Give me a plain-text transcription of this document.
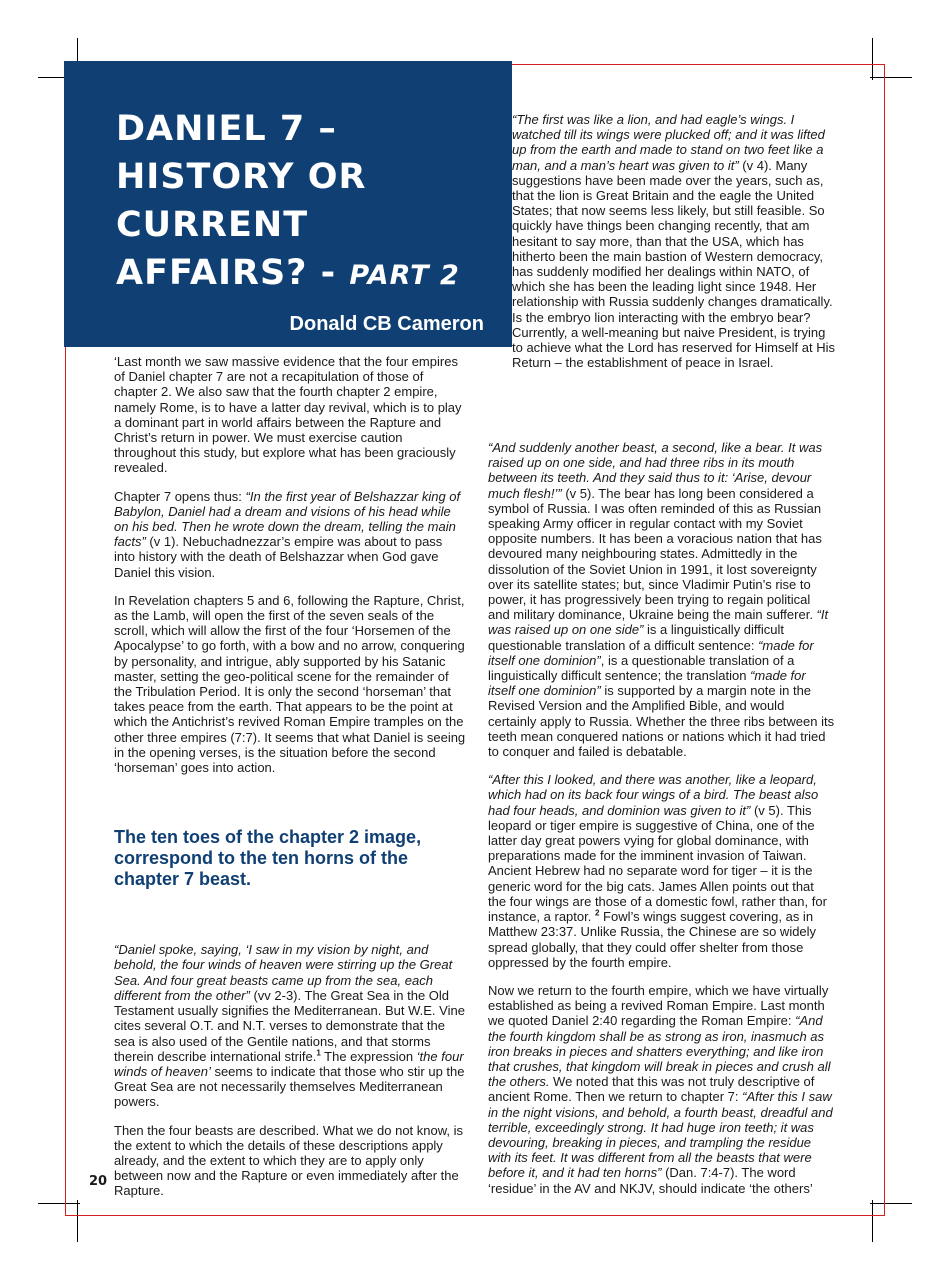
DANIEL 7 – HISTORY OR CURRENT AFFAIRS? - PART 2
Donald CB Cameron

‘Last month we saw massive evidence that the four empires of Daniel chapter 7 are not a recapitulation of those of chapter 2. We also saw that the fourth chapter 2 empire, namely Rome, is to have a latter day revival, which is to play a dominant part in world affairs between the Rapture and Christ’s return in power. We must exercise caution throughout this study, but explore what has been graciously revealed.

Chapter 7 opens thus: “In the first year of Belshazzar king of Babylon, Daniel had a dream and visions of his head while on his bed. Then he wrote down the dream, telling the main facts” (v 1). Nebuchadnezzar’s empire was about to pass into history with the death of Belshazzar when God gave Daniel this vision.

In Revelation chapters 5 and 6, following the Rapture, Christ, as the Lamb, will open the first of the seven seals of the scroll, which will allow the first of the four ‘Horsemen of the Apocalypse’ to go forth, with a bow and no arrow, conquering by personality, and intrigue, ably supported by his Satanic master, setting the geo-political scene for the remainder of the Tribulation Period. It is only the second ‘horseman’ that takes peace from the earth. That appears to be the point at which the Antichrist’s revived Roman Empire tramples on the other three empires (7:7). It seems that what Daniel is seeing in the opening verses, is the situation before the second ‘horseman’ goes into action.

The ten toes of the chapter 2 image, correspond to the ten horns of the chapter 7 beast.

“Daniel spoke, saying, ‘I saw in my vision by night, and behold, the four winds of heaven were stirring up the Great Sea. And four great beasts came up from the sea, each different from the other” (vv 2-3). The Great Sea in the Old Testament usually signifies the Mediterranean. But W.E. Vine cites several O.T. and N.T. verses to demonstrate that the sea is also used of the Gentile nations, and that storms therein describe international strife.$^1$ The expression ‘the four winds of heaven’ seems to indicate that those who stir up the Great Sea are not necessarily themselves Mediterranean powers.

Then the four beasts are described. What we do not know, is the extent to which the details of these descriptions apply already, and the extent to which they are to apply only between now and the Rapture or even immediately after the Rapture.

“The first was like a lion, and had eagle’s wings. I watched till its wings were plucked off; and it was lifted up from the earth and made to stand on two feet like a man, and a man’s heart was given to it” (v 4). Many suggestions have been made over the years, such as, that the lion is Great Britain and the eagle the United States; that now seems less likely, but still feasible. So quickly have things been changing recently, that am hesitant to say more, than that the USA, which has hitherto been the main bastion of Western democracy, has suddenly modified her dealings within NATO, of which she has been the leading light since 1948. Her relationship with Russia suddenly changes dramatically. Is the embryo lion interacting with the embryo bear? Currently, a well-meaning but naive President, is trying to achieve what the Lord has reserved for Himself at His Return – the establishment of peace in Israel.

“And suddenly another beast, a second, like a bear. It was raised up on one side, and had three ribs in its mouth between its teeth. And they said thus to it: ‘Arise, devour much flesh!’” (v 5). The bear has long been considered a symbol of Russia. I was often reminded of this as Russian speaking Army officer in regular contact with my Soviet opposite numbers. It has been a voracious nation that has devoured many neighbouring states. Admittedly in the dissolution of the Soviet Union in 1991, it lost sovereignty over its satellite states; but, since Vladimir Putin’s rise to power, it has progressively been trying to regain political and military dominance, Ukraine being the main sufferer. “It was raised up on one side” is a linguistically difficult questionable translation of a difficult sentence: “made for itself one dominion”, is a questionable translation of a linguistically difficult sentence; the translation “made for itself one dominion” is supported by a margin note in the Revised Version and the Amplified Bible, and would certainly apply to Russia. Whether the three ribs between its teeth mean conquered nations or nations which it had tried to conquer and failed is debatable.

“After this I looked, and there was another, like a leopard, which had on its back four wings of a bird. The beast also had four heads, and dominion was given to it” (v 5). This leopard or tiger empire is suggestive of China, one of the latter day great powers vying for global dominance, with preparations made for the imminent invasion of Taiwan. Ancient Hebrew had no separate word for tiger – it is the generic word for the big cats. James Allen points out that the four wings are those of a domestic fowl, rather than, for instance, a raptor. $^2$ Fowl’s wings suggest covering, as in Matthew 23:37. Unlike Russia, the Chinese are so widely spread globally, that they could offer shelter from those oppressed by the fourth empire.

Now we return to the fourth empire, which we have virtually established as being a revived Roman Empire. Last month we quoted Daniel 2:40 regarding the Roman Empire: “And the fourth kingdom shall be as strong as iron, inasmuch as iron breaks in pieces and shatters everything; and like iron that crushes, that kingdom will break in pieces and crush all the others. We noted that this was not truly descriptive of ancient Rome. Then we return to chapter 7: “After this I saw in the night visions, and behold, a fourth beast, dreadful and terrible, exceedingly strong. It had huge iron teeth; it was devouring, breaking in pieces, and trampling the residue with its feet. It was different from all the beasts that were before it, and it had ten horns” (Dan. 7:4-7). The word ‘residue’ in the AV and NKJV, should indicate ‘the others’

20
